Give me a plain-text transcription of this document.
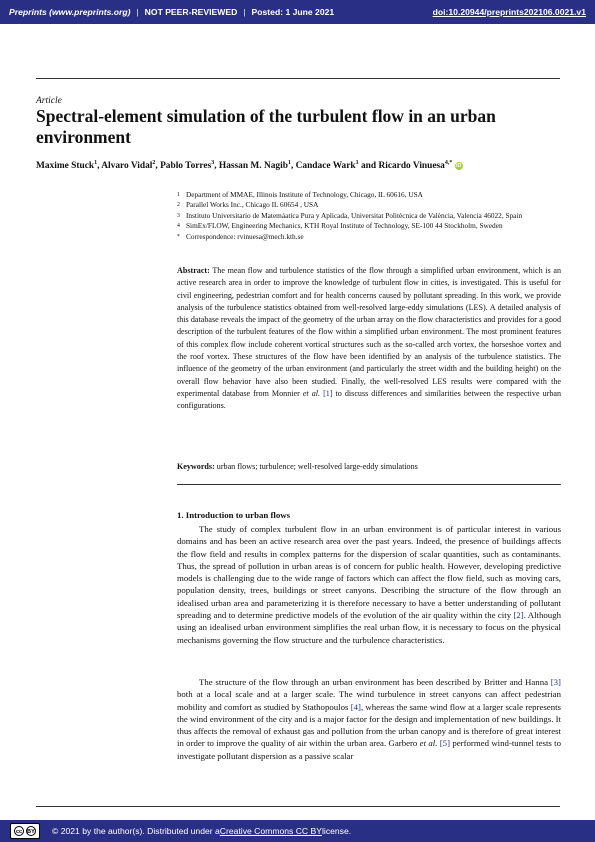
Preprints (www.preprints.org) | NOT PEER-REVIEWED | Posted: 1 June 2021	doi:10.20944/preprints202106.0021.v1
Article
Spectral-element simulation of the turbulent flow in an urban environment
Maxime Stuck$^1$, Alvaro Vidal$^2$, Pablo Torres$^3$, Hassan M. Nagib$^1$, Candace Wark$^1$ and Ricardo Vinuesa$^{4,*}$ iD
1 Department of MMAE, Illinois Institute of Technology, Chicago, IL 60616, USA
2 Parallel Works Inc., Chicago IL 60654 , USA
3 Instituto Universitario de Matemáatica Pura y Aplicada, Universitat Politècnica de València, Valencia 46022, Spain
4 SimEx/FLOW, Engineering Mechanics, KTH Royal Institute of Technology, SE-100 44 Stockholm, Sweden
* Correspondence: rvinuesa@mech.kth.se
Abstract: The mean flow and turbulence statistics of the flow through a simplified urban environment, which is an active research area in order to improve the knowledge of turbulent flow in cities, is investigated. This is useful for civil engineering, pedestrian comfort and for health concerns caused by pollutant spreading. In this work, we provide analysis of the turbulence statistics obtained from well-resolved large-eddy simulations (LES). A detailed analysis of this database reveals the impact of the geometry of the urban array on the flow characteristics and provides for a good description of the turbulent features of the flow within a simplified urban environment. The most prominent features of this complex flow include coherent vortical structures such as the so-called arch vortex, the horseshoe vortex and the roof vortex. These structures of the flow have been identified by an analysis of the turbulence statistics. The influence of the geometry of the urban environment (and particularly the street width and the building height) on the overall flow behavior have also been studied. Finally, the well-resolved LES results were compared with the experimental database from Monnier et al. [1] to discuss differences and similarities between the respective urban configurations.
Keywords: urban flows; turbulence; well-resolved large-eddy simulations
1. Introduction to urban flows
The study of complex turbulent flow in an urban environment is of particular interest in various domains and has been an active research area over the past years. Indeed, the presence of buildings affects the flow field and results in complex patterns for the dispersion of scalar quantities, such as contaminants. Thus, the spread of pollution in urban areas is of concern for public health. However, developing predictive models is challenging due to the wide range of factors which can affect the flow field, such as moving cars, population density, trees, buildings or street canyons. Describing the structure of the flow through an idealised urban area and parameterizing it is therefore necessary to have a better understanding of pollutant spreading and to determine predictive models of the evolution of the air quality within the city [2]. Although using an idealised urban environment simplifies the real urban flow, it is necessary to focus on the physical mechanisms governing the flow structure and the turbulence characteristics.
The structure of the flow through an urban environment has been described by Britter and Hanna [3] both at a local scale and at a larger scale. The wind turbulence in street canyons can affect pedestrian mobility and comfort as studied by Stathopoulos [4], whereas the same wind flow at a larger scale represents the wind environment of the city and is a major factor for the design and implementation of new buildings. It thus affects the removal of exhaust gas and pollution from the urban canopy and is therefore of great interest in order to improve the quality of air within the urban area. Garbero et al. [5] performed wind-tunnel tests to investigate pollutant dispersion as a passive scalar
cc BY © 2021 by the author(s). Distributed under a Creative Commons CC BY license.
